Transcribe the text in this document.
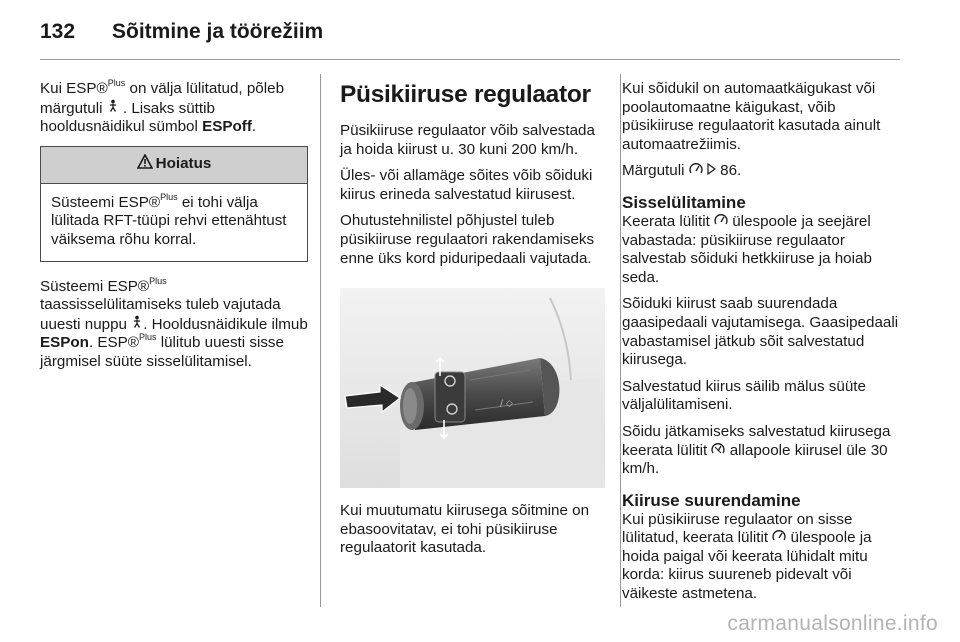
132 Sõitmine ja töörežiim

Kui ESP®$^{Plus}$ on välja lülitatud, põleb märgutuli  . Lisaks süttib hooldusnäidikul sümbol ESPoff.

Hoiatus
Süsteemi ESP®$^{Plus}$ ei tohi välja lülitada RFT-tüüpi rehvi ettenähtust väiksema rõhu korral.

Süsteemi ESP®$^{Plus}$ taassisselülitamiseks tuleb vajutada uuesti nuppu . Hooldusnäidikule ilmub ESPon. ESP®$^{Plus}$ lülitub uuesti sisse järgmisel süüte sisselülitamisel.

Püsikiiruse regulaator

Püsikiiruse regulaator võib salvestada ja hoida kiirust u. 30 kuni 200 km/h.

Üles- või allamäge sõites võib sõiduki kiirus erineda salvestatud kiirusest.

Ohutustehnilistel põhjustel tuleb püsikiiruse regulaatori rakendamiseks enne üks kord piduripedaali vajutada.

/ ◇

Kui muutumatu kiirusega sõitmine on ebasoovitatav, ei tohi püsikiiruse regulaatorit kasutada.

Kui sõidukil on automaatkäigukast või poolautomaatne käigukast, võib püsikiiruse regulaatorit kasutada ainult automaatrežiimis.

Märgutuli   86.

Sisselülitamine

Keerata lülitit  ülespoole ja seejärel vabastada: püsikiiruse regulaator salvestab sõiduki hetkkiiruse ja hoiab seda.

Sõiduki kiirust saab suurendada gaasipedaali vajutamisega. Gaasipedaali vabastamisel jätkub sõit salvestatud kiirusega.

Salvestatud kiirus säilib mälus süüte väljalülitamiseni.

Sõidu jätkamiseks salvestatud kiirusega keerata lülitit  allapoole kiirusel üle 30 km/h.

Kiiruse suurendamine

Kui püsikiiruse regulaator on sisse lülitatud, keerata lülitit  ülespoole ja hoida paigal või keerata lühidalt mitu korda: kiirus suureneb pidevalt või väikeste astmetena.

carmanualsonline.info
